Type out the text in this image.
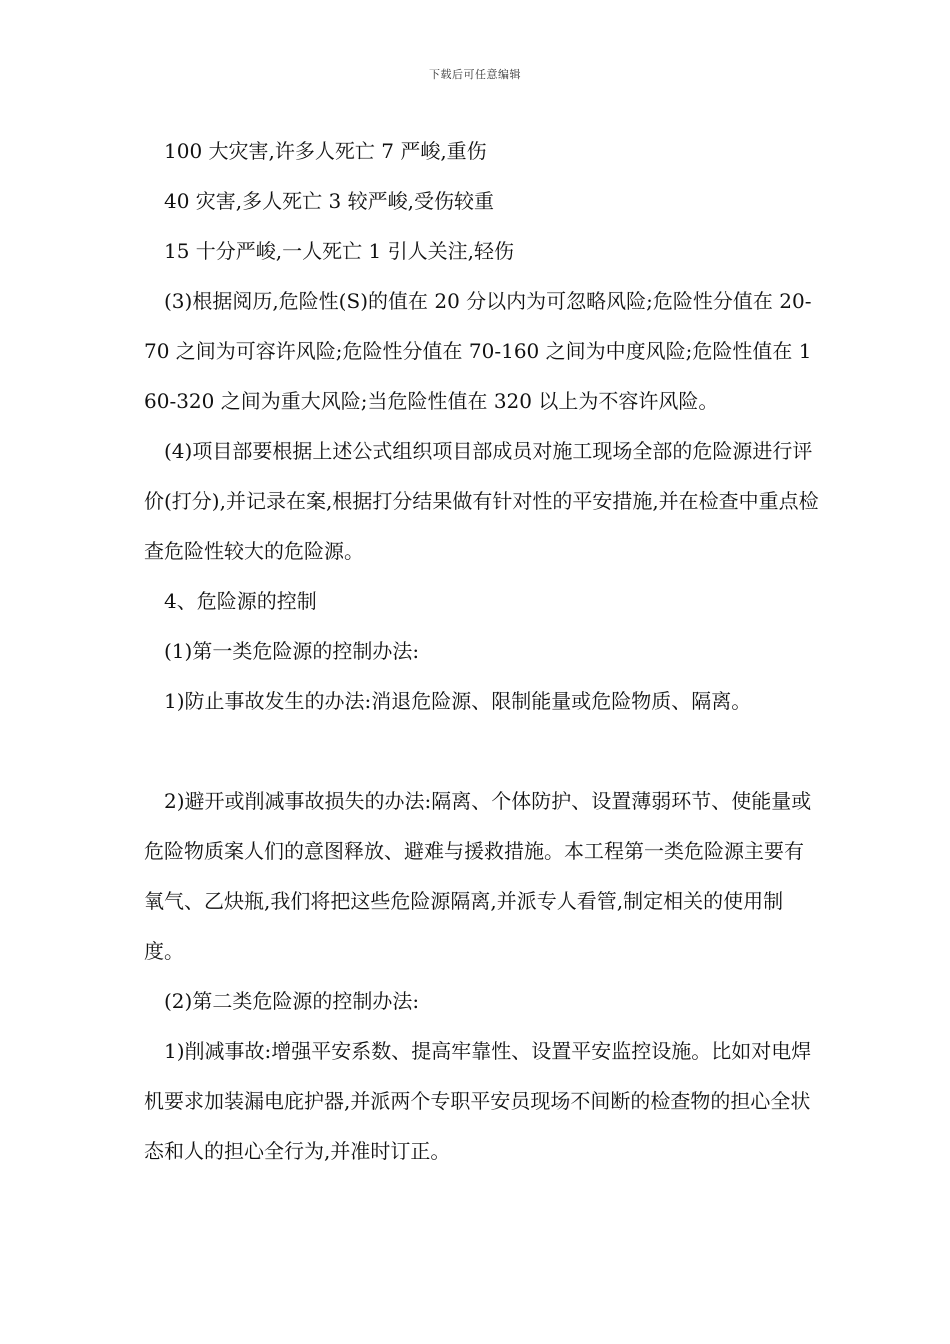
下载后可任意编辑

100 大灾害,许多人死亡 7 严峻,重伤

40 灾害,多人死亡 3 较严峻,受伤较重

15 十分严峻,一人死亡 1 引人关注,轻伤

(3)根据阅历,危险性(S)的值在 20 分以内为可忽略风险;危险性分值在 20-70 之间为可容许风险;危险性分值在 70-160 之间为中度风险;危险性值在 160-320 之间为重大风险;当危险性值在 320 以上为不容许风险。

(4)项目部要根据上述公式组织项目部成员对施工现场全部的危险源进行评价(打分),并记录在案,根据打分结果做有针对性的平安措施,并在检查中重点检查危险性较大的危险源。

4、危险源的控制

(1)第一类危险源的控制办法:

1)防止事故发生的办法:消退危险源、限制能量或危险物质、隔离。

2)避开或削减事故损失的办法:隔离、个体防护、设置薄弱环节、使能量或危险物质案人们的意图释放、避难与援救措施。本工程第一类危险源主要有氧气、乙炔瓶,我们将把这些危险源隔离,并派专人看管,制定相关的使用制度。

(2)第二类危险源的控制办法:

1)削减事故:增强平安系数、提高牢靠性、设置平安监控设施。比如对电焊机要求加装漏电庇护器,并派两个专职平安员现场不间断的检查物的担心全状态和人的担心全行为,并准时订正。
